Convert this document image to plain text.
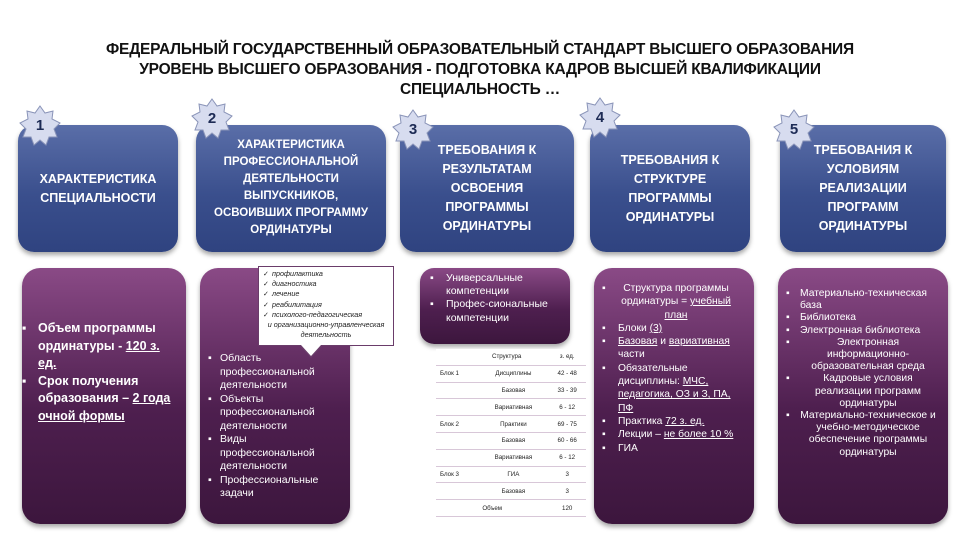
ФЕДЕРАЛЬНЫЙ ГОСУДАРСТВЕННЫЙ ОБРАЗОВАТЕЛЬНЫЙ СТАНДАРТ ВЫСШЕГО ОБРАЗОВАНИЯ
УРОВЕНЬ ВЫСШЕГО ОБРАЗОВАНИЯ - ПОДГОТОВКА КАДРОВ ВЫСШЕЙ КВАЛИФИКАЦИИ
СПЕЦИАЛЬНОСТЬ …
ХАРАКТЕРИСТИКА СПЕЦИАЛЬНОСТИ
ХАРАКТЕРИСТИКА ПРОФЕССИОНАЛЬНОЙ ДЕЯТЕЛЬНОСТИ ВЫПУСКНИКОВ, ОСВОИВШИХ ПРОГРАММУ ОРДИНАТУРЫ
ТРЕБОВАНИЯ К РЕЗУЛЬТАТАМ ОСВОЕНИЯ ПРОГРАММЫ ОРДИНАТУРЫ
ТРЕБОВАНИЯ К СТРУКТУРЕ ПРОГРАММЫ ОРДИНАТУРЫ
ТРЕБОВАНИЯ К УСЛОВИЯМ РЕАЛИЗАЦИИ ПРОГРАММ ОРДИНАТУРЫ
1	2
3
4
5
▪ Объем программы ординатуры - 120 з. ед.
▪ Срок получения образования – 2 года очной формы
▪ Область профессиональной деятельности
▪ Объекты профессиональной деятельности
▪ Виды профессиональной деятельности
▪ Профессиональные задачи
✓ профилактика
✓ диагностика
✓ лечение
✓ реабилитация
✓ психолого-педагогическая
и организационно-управленческая деятельность
▪ Универсальные компетенции
▪ Профес-сиональные компетенции
Структура		з. ед.
Блок 1	Дисциплины	42 - 48
	Базовая	33 - 39
	Вариативная	6 - 12
Блок 2	Практики	69 - 75
	Базовая	60 - 66
	Вариативная	6 - 12
Блок 3	ГИА	3
	Базовая	3
Объем		120
▪ Структура программы ординатуры = учебный план
▪ Блоки (3)
▪ Базовая и вариативная части
▪ Обязательные дисциплины: МЧС, педагогика, ОЗ и З, ПА, ПФ
▪ Практика 72 з. ед.
▪ Лекции – не более 10 %
▪ ГИА
▪ Материально-техническая база
▪ Библиотека
▪ Электронная библиотека
▪ Электронная информационно-образовательная среда
▪ Кадровые условия реализации программ ординатуры
▪ Материально-техническое и учебно-методическое обеспечение программы ординатуры
